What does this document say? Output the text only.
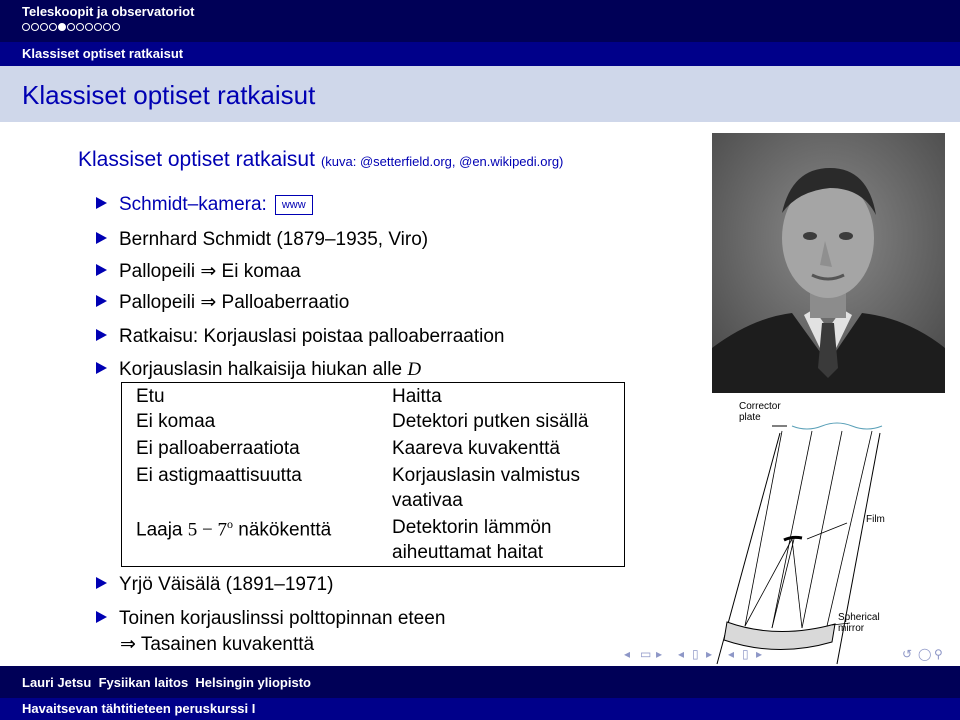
Teleskoopit ja observatoriot
Klassiset optiset ratkaisut
Klassiset optiset ratkaisut
Klassiset optiset ratkaisut (kuva: @setterfield.org, @en.wikipedi.org)
Schmidt–kamera: www
Bernhard Schmidt (1879–1935, Viro)
Pallopeili ⇒ Ei komaa
Pallopeili ⇒ Palloaberraatio
Ratkaisu: Korjauslasi poistaa palloaberraation
Korjauslasin halkaisija hiukan alle D
Etu	Haitta
Ei komaa	Detektori putken sisällä
Ei palloaberraatiota	Kaareva kuvakenttä
Ei astigmaattisuutta	Korjauslasin valmistus
vaativaa
Laaja $5 - 7^o$ näkökenttä	Detektorin lämmön
aiheuttamat haitat
Yrjö Väisälä (1891–1971)
Toinen korjauslinssi polttopinnan eteen
⇒ Tasainen kuvakenttä
Corrector
plate
Film
Spherical
mirror
◂ ▭ ▸ ◂ ▯ ▸ ◂ ▯ ▸	↺ ◯ ⚲
Lauri Jetsu Fysiikan laitos Helsingin yliopisto
Havaitsevan tähtitieteen peruskurssi I
